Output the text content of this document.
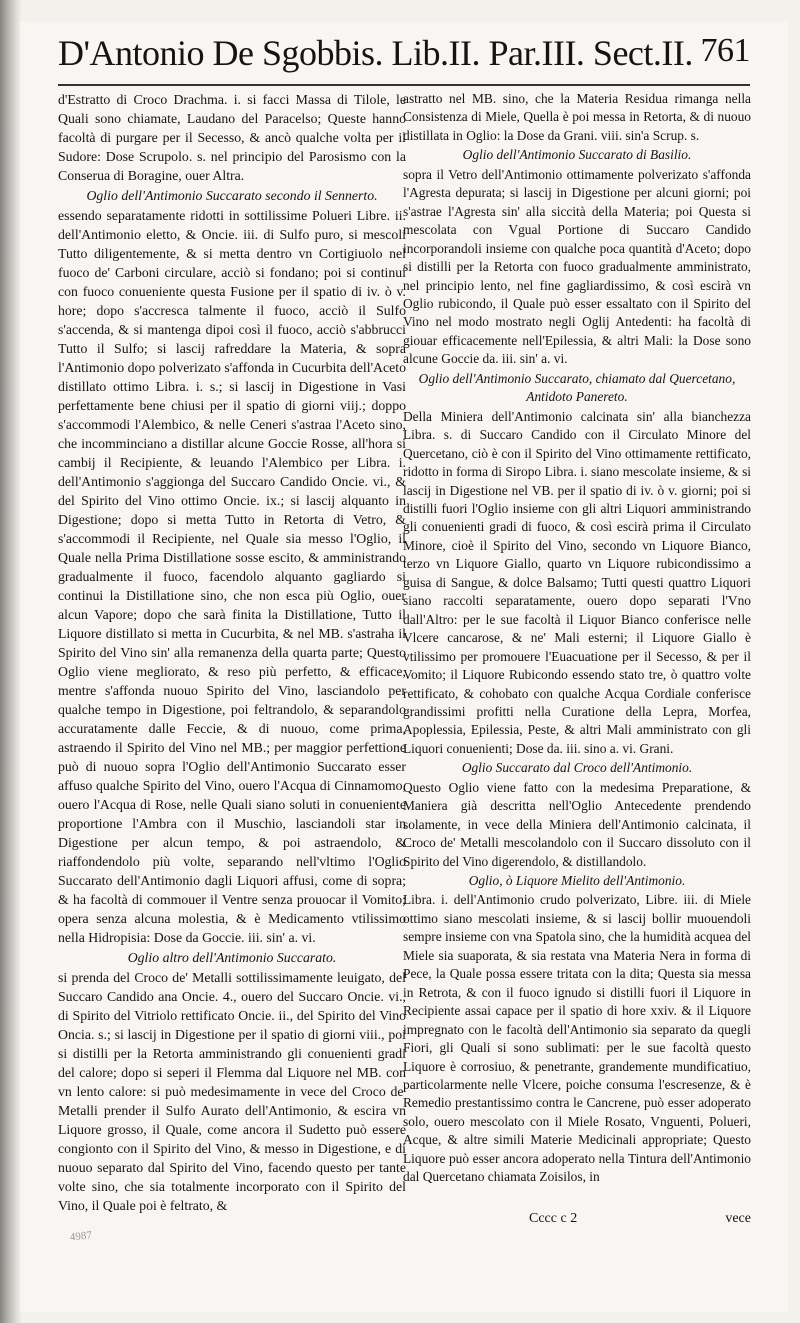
D'Antonio De Sgobbis. Lib.II. Par.III. Sect.II. 761

d'Estratto di Croco Drachma. i. si facci Massa di Tilole, le Quali sono chiamate, Laudano del Paracelso; Queste hanno facoltà di purgare per il Secesso, & ancò qualche volta per il Sudore: Dose Scrupolo. s. nel principio del Parosismo con la Conserua di Boragine, ouer Altra.

Oglio dell'Antimonio Succarato secondo il Sennerto.

essendo separatamente ridotti in sottilissime Polueri Libre. ii. dell'Antimonio eletto, & Oncie. iii. di Sulfo puro, si mescoli Tutto diligentemente, & si metta dentro vn Cortigiuolo nel fuoco de' Carboni circulare, acciò si fondano; poi si continui con fuoco conueniente questa Fusione per il spatio di iv. ò v. hore; dopo s'accresca talmente il fuoco, acciò il Sulfo s'accenda, & si mantenga dipoi così il fuoco, acciò s'abbrucci Tutto il Sulfo; si lascij rafreddare la Materia, & sopra l'Antimonio dopo polverizato s'affonda in Cucurbita dell'Aceto distillato ottimo Libra. i. s.; si lascij in Digestione in Vasi perfettamente bene chiusi per il spatio di giorni viij.; doppo s'accommodi l'Alembico, & nelle Ceneri s'astraa l'Aceto sino, che incomminciano a distillar alcune Goccie Rosse, all'hora si cambij il Recipiente, & leuando l'Alembico per Libra. i. dell'Antimonio s'aggionga del Succaro Candido Oncie. vi., & del Spirito del Vino ottimo Oncie. ix.; si lascij alquanto in Digestione; dopo si metta Tutto in Retorta di Vetro, & s'accommodi il Recipiente, nel Quale sia messo l'Oglio, il Quale nella Prima Distillatione sosse escito, & amministrando gradualmente il fuoco, facendolo alquanto gagliardo si continui la Distillatione sino, che non esca più Oglio, ouer alcun Vapore; dopo che sarà finita la Distillatione, Tutto il Liquore distillato si metta in Cucurbita, & nel MB. s'astraha il Spirito del Vino sin' alla remanenza della quarta parte; Questo Oglio viene megliorato, & reso più perfetto, & efficace, mentre s'affonda nuouo Spirito del Vino, lasciandolo per qualche tempo in Digestione, poi feltrandolo, & separandolo accuratamente dalle Feccie, & di nuouo, come prima, astraendo il Spirito del Vino nel MB.; per maggior perfettione può di nuouo sopra l'Oglio dell'Antimonio Succarato esser affuso qualche Spirito del Vino, ouero l'Acqua di Cinnamomo, ouero l'Acqua di Rose, nelle Quali siano soluti in conueniente proportione l'Ambra con il Muschio, lasciandoli star in Digestione per alcun tempo, & poi astraendolo, & riaffondendolo più volte, separando nell'vltimo l'Oglio Succarato dell'Antimonio dagli Liquori affusi, come di sopra; & ha facoltà di commouer il Ventre senza prouocar il Vomito; opera senza alcuna molestia, & è Medicamento vtilissimo nella Hidropisia: Dose da Goccie. iii. sin' a. vi.

Oglio altro dell'Antimonio Succarato.

si prenda del Croco de' Metalli sottilissimamente leuigato, del Succaro Candido ana Oncie. 4., ouero del Succaro Oncie. vi., di Spirito del Vitriolo rettificato Oncie. ii., del Spirito del Vino Oncia. s.; si lascij in Digestione per il spatio di giorni viii., poi si distilli per la Retorta amministrando gli conuenienti gradi del calore; dopo si seperi il Flemma dal Liquore nel MB. con vn lento calore: si può medesimamente in vece del Croco de' Metalli prender il Sulfo Aurato dell'Antimonio, & escira vn Liquore grosso, il Quale, come ancora il Sudetto può essere congionto con il Spirito del Vino, & messo in Digestione, e di nuouo separato dal Spirito del Vino, facendo questo per tante volte sino, che sia totalmente incorporato con il Spirito del Vino, il Quale poi è feltrato, &

astratto nel MB. sino, che la Materia Residua rimanga nella Consistenza di Miele, Quella è poi messa in Retorta, & di nuouo distillata in Oglio: la Dose da Grani. viii. sin'a Scrup. s.

Oglio dell'Antimonio Succarato di Basilio.

sopra il Vetro dell'Antimonio ottimamente polverizato s'affonda l'Agresta depurata; si lascij in Digestione per alcuni giorni; poi s'astrae l'Agresta sin' alla siccità della Materia; poi Questa si mescolata con Vgual Portione di Succaro Candido incorporandoli insieme con qualche poca quantità d'Aceto; dopo si distilli per la Retorta con fuoco gradualmente amministrato, nel principio lento, nel fine gagliardissimo, & così escirà vn Oglio rubicondo, il Quale può esser essaltato con il Spirito del Vino nel modo mostrato negli Oglij Antedenti: ha facoltà di giouar efficacemente nell'Epilessia, & altri Mali: la Dose sono alcune Goccie da. iii. sin' a. vi.

Oglio dell'Antimonio Succarato, chiamato dal Quercetano, Antidoto Panereto.

Della Miniera dell'Antimonio calcinata sin' alla bianchezza Libra. s. di Succaro Candido con il Circulato Minore del Quercetano, ciò è con il Spirito del Vino ottimamente rettificato, ridotto in forma di Siropo Libra. i. siano mescolate insieme, & si lascij in Digestione nel VB. per il spatio di iv. ò v. giorni; poi si distilli fuori l'Oglio insieme con gli altri Liquori amministrando gli conuenienti gradi di fuoco, & così escirà prima il Circulato Minore, cioè il Spirito del Vino, secondo vn Liquore Bianco, terzo vn Liquore Giallo, quarto vn Liquore rubicondissimo a guisa di Sangue, & dolce Balsamo; Tutti questi quattro Liquori siano raccolti separatamente, ouero dopo separati l'Vno dall'Altro: per le sue facoltà il Liquor Bianco conferisce nelle Vlcere cancarose, & ne' Mali esterni; il Liquore Giallo è vtilissimo per promouere l'Euacuatione per il Secesso, & per il Vomito; il Liquore Rubicondo essendo stato tre, ò quattro volte rettificato, & cohobato con qualche Acqua Cordiale conferisce grandissimi profitti nella Curatione della Lepra, Morfea, Apoplessia, Epilessia, Peste, & altri Mali amministrato con gli Liquori conuenienti; Dose da. iii. sino a. vi. Grani.

Oglio Succarato dal Croco dell'Antimonio.

Questo Oglio viene fatto con la medesima Preparatione, & Maniera già descritta nell'Oglio Antecedente prendendo solamente, in vece della Miniera dell'Antimonio calcinata, il Croco de' Metalli mescolandolo con il Succaro dissoluto con il Spirito del Vino digerendolo, & distillandolo.

Oglio, ò Liquore Mielito dell'Antimonio.

Libra. i. dell'Antimonio crudo polverizato, Libre. iii. di Miele ottimo siano mescolati insieme, & si lascij bollir muouendoli sempre insieme con vna Spatola sino, che la humidità acquea del Miele sia suaporata, & sia restata vna Materia Nera in forma di Pece, la Quale possa essere tritata con la dita; Questa sia messa in Retrota, & con il fuoco ignudo si distilli fuori il Liquore in Recipiente assai capace per il spatio di hore xxiv. & il Liquore impregnato con le facoltà dell'Antimonio sia separato da quegli Fiori, gli Quali si sono sublimati: per le sue facoltà questo Liquore è corrosiuo, & penetrante, grandemente mundificatiuo, particolarmente nelle Vlcere, poiche consuma l'escresenze, & è Remedio prestantissimo contra le Cancrene, può esser adoperato solo, ouero mescolato con il Miele Rosato, Vnguenti, Polueri, Acque, & altre simili Materie Medicinali appropriate; Questo Liquore può esser ancora adoperato nella Tintura dell'Antimonio dal Quercetano chiamata Zoisilos, in

Cccc c 2	vece
4987
